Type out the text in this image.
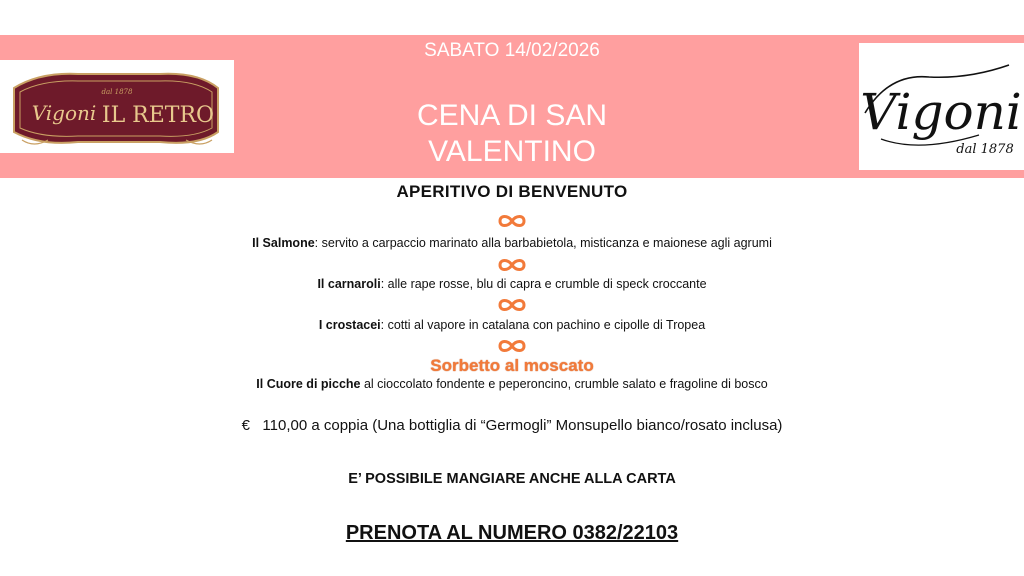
SABATO 14/02/2026
CENA DI SAN
VALENTINO
dal 1878
Vigoni IL RETRO	Vigoni
dal 1878
APERITIVO DI BENVENUTO
Il Salmone: servito a carpaccio marinato alla barbabietola, misticanza e maionese agli agrumi
Il carnaroli: alle rape rosse, blu di capra e crumble di speck croccante
I crostacei: cotti al vapore in catalana con pachino e cipolle di Tropea
Sorbetto al moscato
Il Cuore di picche al cioccolato fondente e peperoncino, crumble salato e fragoline di bosco
€   110,00 a coppia (Una bottiglia di “Germogli” Monsupello bianco/rosato inclusa)
E’ POSSIBILE MANGIARE ANCHE ALLA CARTA
PRENOTA AL NUMERO 0382/22103
